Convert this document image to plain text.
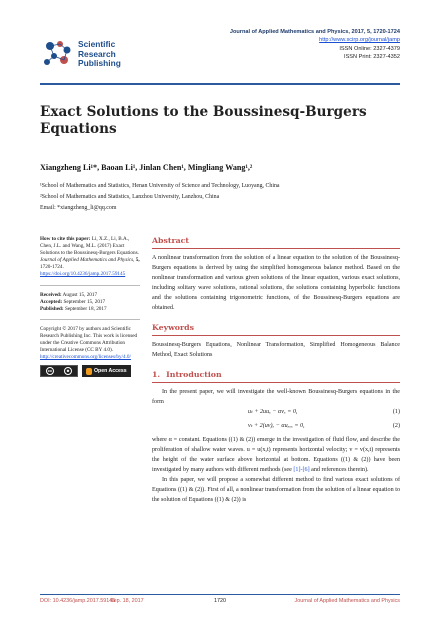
Scientific
Research
Publishing
Journal of Applied Mathematics and Physics, 2017, 5, 1720-1724
http://www.scirp.org/journal/jamp
ISSN Online: 2327-4379
ISSN Print: 2327-4352
Exact Solutions to the Boussinesq-Burgers Equations
Xiangzheng Li¹*, Baoan Li¹, Jinlan Chen¹, Mingliang Wang¹,²
¹School of Mathematics and Statistics, Henan University of Science and Technology, Luoyang, China
²School of Mathematics and Statistics, Lanzhou University, Lanzhou, China
Email: *xiangzheng_li@qq.com
How to cite this paper: Li, X.Z., Li, B.A., Chen, J.L. and Wang, M.L. (2017) Exact Solutions to the Boussinesq-Burgers Equations. Journal of Applied Mathematics and Physics, 5, 1720-1724.
https://doi.org/10.4236/jamp.2017.59145
Received: August 15, 2017
Accepted: September 15, 2017
Published: September 18, 2017
Copyright © 2017 by authors and Scientific Research Publishing Inc. This work is licensed under the Creative Commons Attribution International License (CC BY 4.0).
http://creativecommons.org/licenses/by/4.0/
cc	☻	Open Access
Abstract
A nonlinear transformation from the solution of a linear equation to the solution of the Boussinesq-Burgers equations is derived by using the simplified homogeneous balance method. Based on the nonlinear transformation and various given solutions of the linear equation, various exact solutions, including solitary wave solutions, rational solutions, the solutions containing hyperbolic functions and the solutions containing trigonometric functions, of the Boussinesq-Burgers equations are obtained.
Keywords
Boussinesq-Burgers Equations, Nonlinear Transformation, Simplified Homogeneous Balance Method, Exact Solutions
1. Introduction
In the present paper, we will investigate the well-known Boussinesq-Burgers equations in the form
uₜ + 2uuₓ − αvₓ = 0,	(1)
vₜ + 2(uv)ₓ − αuₓₓₓ = 0,	(2)
where α = constant. Equations ((1) & (2)) emerge in the investigation of fluid flow, and describe the proliferation of shallow water waves. u = u(x,t) represents horizontal velocity; v = v(x,t) represents the height of the water surface above horizontal at bottom. Equations ((1) & (2)) have been investigated by many authors with different methods (see [1]-[6] and references therein).
In this paper, we will propose a somewhat different method to find various exact solutions of Equations ((1) & (2)). First of all, a nonlinear transformation from the solution of a linear equation to the solution of Equations ((1) & (2)) is
DOI: 10.4236/jamp.2017.59145
Sep. 18, 2017	1720	Journal of Applied Mathematics and Physics
